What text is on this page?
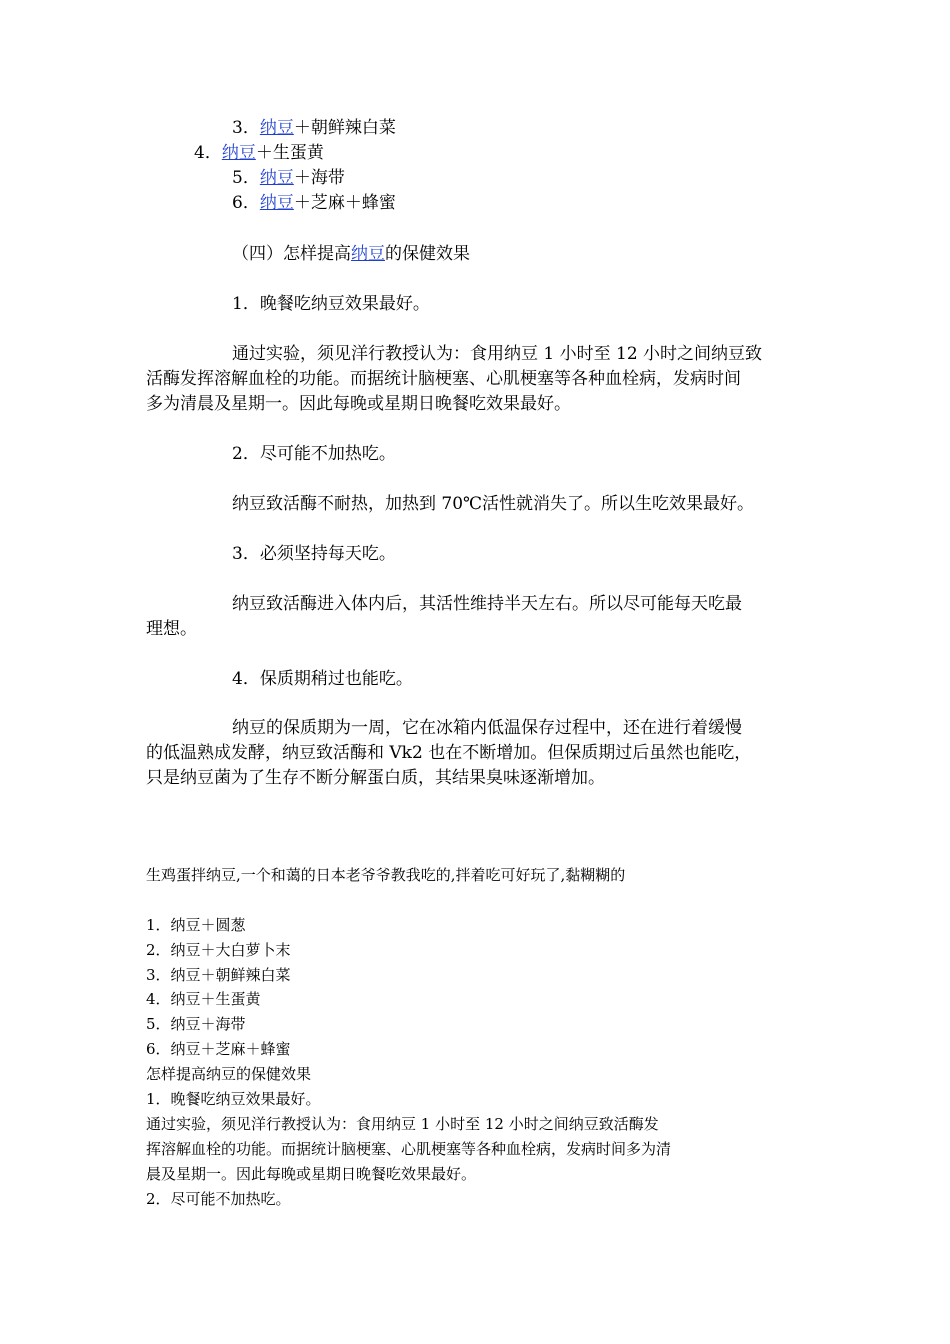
3．纳豆＋朝鲜辣白菜
4．纳豆＋生蛋黄
5．纳豆＋海带
6．纳豆＋芝麻＋蜂蜜
（四）怎样提高纳豆的保健效果
1．晚餐吃纳豆效果最好。
通过实验，须见洋行教授认为：食用纳豆 1 小时至 12 小时之间纳豆致
活酶发挥溶解血栓的功能。而据统计脑梗塞、心肌梗塞等各种血栓病，发病时间
多为清晨及星期一。因此每晚或星期日晚餐吃效果最好。
2．尽可能不加热吃。
纳豆致活酶不耐热，加热到 70℃活性就消失了。所以生吃效果最好。
3．必须坚持每天吃。
纳豆致活酶进入体内后，其活性维持半天左右。所以尽可能每天吃最
理想。
4．保质期稍过也能吃。
纳豆的保质期为一周，它在冰箱内低温保存过程中，还在进行着缓慢
的低温熟成发酵，纳豆致活酶和 Vk2 也在不断增加。但保质期过后虽然也能吃，
只是纳豆菌为了生存不断分解蛋白质，其结果臭味逐渐增加。
生鸡蛋拌纳豆,一个和蔼的日本老爷爷教我吃的,拌着吃可好玩了,黏糊糊的
1．纳豆＋圆葱
2．纳豆＋大白萝卜末
3．纳豆＋朝鲜辣白菜
4．纳豆＋生蛋黄
5．纳豆＋海带
6．纳豆＋芝麻＋蜂蜜
怎样提高纳豆的保健效果
1．晚餐吃纳豆效果最好。
通过实验，须见洋行教授认为：食用纳豆 1 小时至 12 小时之间纳豆致活酶发
挥溶解血栓的功能。而据统计脑梗塞、心肌梗塞等各种血栓病，发病时间多为清
晨及星期一。因此每晚或星期日晚餐吃效果最好。
2．尽可能不加热吃。
